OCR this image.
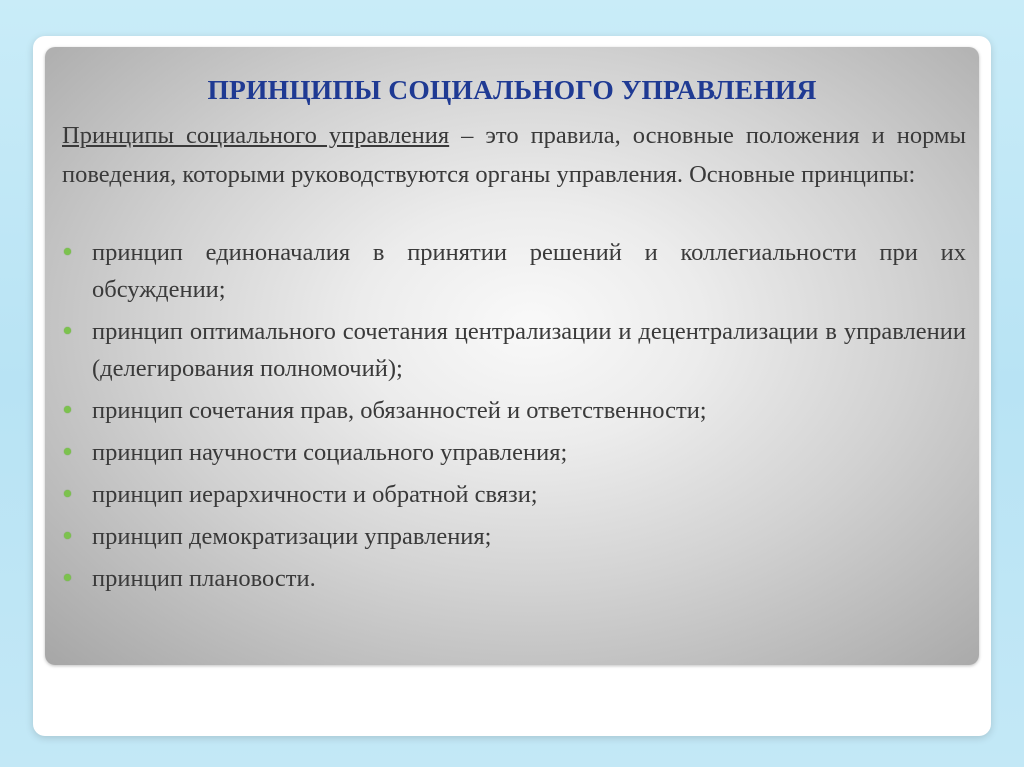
ПРИНЦИПЫ СОЦИАЛЬНОГО УПРАВЛЕНИЯ

Принципы социального управления – это правила, основные положения и нормы поведения, которыми руководствуются органы управления. Основные принципы:

принцип единоначалия в принятии решений и коллегиальности при их обсуждении;
принцип оптимального сочетания централизации и децентрализации в управлении (делегирования полномочий);
принцип сочетания прав, обязанностей и ответственности;
принцип научности социального управления;
принцип иерархичности и обратной связи;
принцип демократизации управления;
принцип плановости.
